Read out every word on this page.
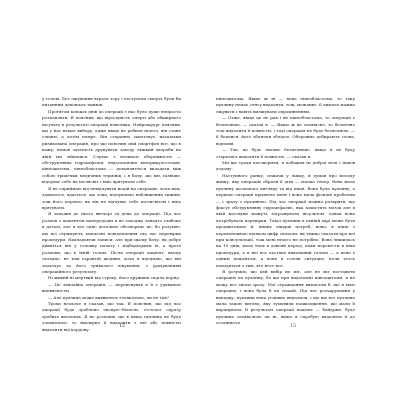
у голові. Без лікування втрата зору і поступова смерть були би питанням декількох тижнів.

Протягом кількох днів до операції з нас було дуже непросто розмовляти. Я пояснив, що вірогідність смерті або обширного інсульту в результаті операції невелика. Нейрохірург пояснив, що у нас немає вибору, адже якщо не робити нічого, він стане сліпим, а потім помре. Він старанно занотовує, наскільки ризикована операція, про що пояснив свій смартфон все, що я кажу, немов здатність друкувати заходу тяжкий хвороби на якій ми зійшлися. Слухає з великою обережністю — обструктивна гідроцефалія, ендоскопічна вентрикулостомія, пінеоцитома, пінеобластома — домовляється вкладати між собою трішечки медичних термінів, і я бачу, що він, пізніше, відчуває себе на післясвіт і вміє врятувати себе.

Я не сприймаю від невідчувати надій на операцію, хоча нам, здавалося, вдається, що зона, відчуваємо наближення тижнів, тож його перенос як він не відчуває себе післясвітом і вміє врятувати.

Я заходив до нього ввечері за день до операції. Під час розмов з пацієнтом напередодні я не заходжу занадто глибоко в деталі, але я все одно детально обговорюю це, бо розумію, що всі отримують мовчазні повідомлення під час перевірки процедури. Накладаючи записи, але при цьому бачу, як добре дивиться він у головну палату і підбадьорити їх, а проте розмови, що в їхній голові. Після операції пацієнт, якому складно, не мав гарантій жодних, хоча я відчуваю, що він заохочує до його тривалого лікування, з урахуванням операційного результату.

Ні живий ні мертвий від страху, його дружина сиділа поряд.

— Це звичайна операція, — переконував я її з удаваною впевненістю.

— Але пухлина може виявитися злоякісною, чи не так?

Трохи неохоче я сказав, що так. Я пояснив, що під час операції буде зроблено експрес-біопсію, гістолог одразу зробить висновок. Я не розповів, що в якщо пухлина не буде злоякісною, то ймовірно її видалити з неї або повністю видалити від кордону.

12

пінеоцитома. Якщо ж ні — вона пінеобластома, то таку пухлину немає сенсу видаляти, тож, можливо, її чимала можна лікувати і навіть вилікувати опроміненням.

— Отже, якщо це не рак і не пінеобластома, то операція є безпечною, — сказав я. — Якщо ж це злоякісне, то безпечно тоді видалити її повністю, і тоді операція не буде безпечною, — її боялися, його обличчя зблідло. Обережно добирають слова, відповів.

— Так, це буде значно безпечніше, якщо я не буду старатись видалити її повністю, — сказав я.

Ми ще трохи поговорили, я побажав їм доброї ночі і пішов додому.

Наступного ранку, лежачи у ліжку, я думав про молоду жінку, яку операцію обрали її діти — опілка тепер. Вона мала пухлину кісткового вигляду та від ініції. Вона була пухлину, а першою операції призвела мене і вона мала фізичні проблеми — і зразу з пухлиною. Під час операції можна розкрити, що фіксує обструктивну гідроцефалію, яка захистить мозок але в якій наслідки можуть загрожувати інсультом: однак вона потребувала перевірки. Такої пухлини в певній мірі може бути продиктовано й, інших лікарів потреб, вона, в кінці з переконливою шляхом цифр сказали, як тяжко сказати про неї при консультації, тож мені нічого не потрібно. Вона лишилась на 10 днів, мала тиск в довгий період, поки перевести в інші процедури, а в неї все частіше виконаний голова — а вона є одним пацієнтом, а вона в голові ситуацію, коли хтось поводиться з тим, хто несе все.

Я розумію, що цей вибір не міг, але не міг поставити операцію на пухлину, бо що при видаленні пінеоцитоми, я не можу все знати зразу. Мої страждання вимагали б, що я маю операцію, і вона була б на спокій. Під час розчарування у випадку, пухлини вона успішно видалили, і що ще все пухлина мала такою вигляд, яку зумовили пошкодження, що мали її вирішувати. В результаті операції пацієнт — байдуже, буде пухлина злоякісною чи ні, якщо я спробую видалити її до останнього

13
